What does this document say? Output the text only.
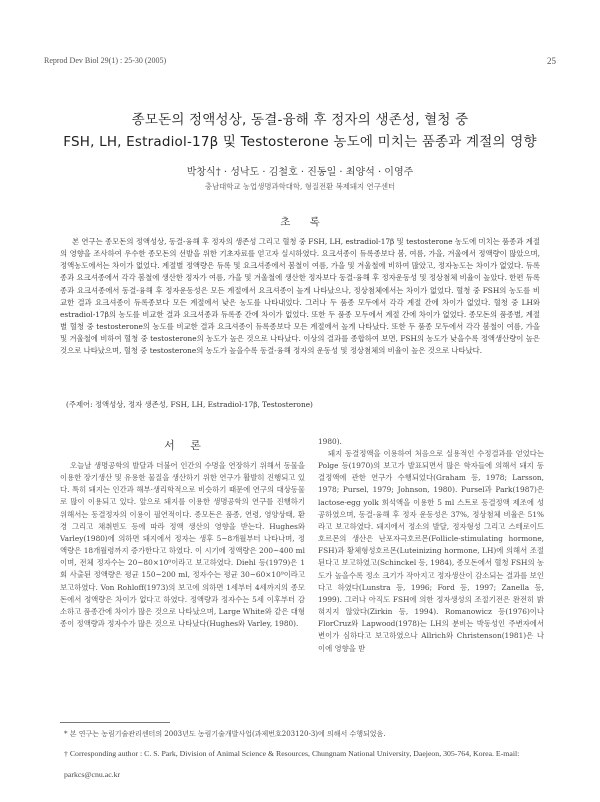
Reprod Dev Biol 29(1) : 25-30 (2005)	25
종모돈의 정액성상, 동결-융해 후 정자의 생존성, 혈청 중
FSH, LH, Estradiol-17β 및 Testosterone 농도에 미치는 품종과 계절의 영향
박창식† · 성낙도 · 김철호 · 진동일 · 최양석 · 이영주
충남대학교 농업생명과학대학, 형질전환 복제돼지 연구센터
초 록

본 연구는 종모돈의 정액성상, 동결-융해 후 정자의 생존성 그리고 혈청 중 FSH, LH, estradiol-17β 및 testosterone 농도에 미치는 품종과 계절의 영향을 조사하여 우수한 종모돈의 선발을 위한 기초자료를 얻고자 실시하였다. 요크셔종이 듀록종보다 봄, 여름, 가을, 겨울에서 정액량이 많았으며, 정액농도에서는 차이가 없었다. 계절별 정액량은 듀록 및 요크셔종에서 봄철이 여름, 가을 및 겨울철에 비하여 많았고, 정자농도는 차이가 없었다. 듀록종과 요크셔종에서 각각 봄철에 생산한 정자가 여름, 가을 및 겨울철에 생산한 정자보다 동결-융해 후 정자운동성 및 정상첨체 비율이 높았다. 한편 듀록종과 요크셔종에서 동결-융해 후 정자운동성은 모든 계절에서 요크셔종이 높게 나타났으나, 정상첨체에서는 차이가 없었다. 혈청 중 FSH의 농도를 비교한 결과 요크셔종이 듀록종보다 모든 계절에서 낮은 농도를 나타내었다. 그러나 두 품종 모두에서 각각 계절 간에 차이가 없었다. 혈청 중 LH와 estradiol-17β의 농도를 비교한 결과 요크셔종과 듀록종 간에 차이가 없었다. 또한 두 품종 모두에서 계절 간에 차이가 없었다. 종모돈의 품종별, 계절별 혈청 중 testosterone의 농도를 비교한 결과 요크셔종이 듀록종보다 모든 계절에서 높게 나타났다. 또한 두 품종 모두에서 각각 봄철이 여름, 가을 및 겨울철에 비하여 혈청 중 testosterone의 농도가 높은 것으로 나타났다. 이상의 결과를 종합하여 보면, FSH의 농도가 낮을수록 정액생산량이 높은 것으로 나타났으며, 혈청 중 testosterone의 농도가 높을수록 동결-융해 정자의 운동성 및 정상첨체의 비율이 높은 것으로 나타났다.

(주제어: 정액성상, 정자 생존성, FSH, LH, Estradiol-17β, Testosterone)
서 론

오늘날 생명공학의 발달과 더불어 인간의 수명을 연장하기 위해서 동물을 이용한 장기생산 및 유용한 물질을 생산하기 위한 연구가 활발히 진행되고 있다. 특히 돼지는 인간과 해부·생리학적으로 비슷하기 때문에 연구의 대상동물로 많이 이용되고 있다. 앞으로 돼지를 이용한 생명공학의 연구를 진행하기 위해서는 동결정자의 이용이 필연적이다. 종모돈은 품종, 연령, 영양상태, 환경 그리고 채취빈도 등에 따라 정액 생산의 영향을 받는다. Hughes와 Varley(1980)에 의하면 돼지에서 정자는 생후 5~8개월부터 나타나며, 정액량은 18개월령까지 증가한다고 하였다. 이 시기에 정액량은 200~400 ml이며, 전체 정자수는 20~80×10⁹이라고 보고하였다. Diehl 등(1979)은 1회 사출된 정액량은 평균 150~200 ml, 정자수는 평균 30~60×10⁹이라고 보고하였다. Von Rohloff(1973)의 보고에 의하면 1세부터 4세까지의 종모돈에서 정액량은 차이가 없다고 하였다. 정액량과 정자수는 5세 이후부터 감소하고 품종간에 차이가 많은 것으로 나타났으며, Large White와 같은 대형종이 정액량과 정자수가 많은 것으로 나타났다(Hughes와 Varley, 1980).

1980).

돼지 동결정액을 이용하여 처음으로 실용적인 수정결과를 얻었다는 Polge 등(1970)의 보고가 발표되면서 많은 학자들에 의해서 돼지 동결정액에 관한 연구가 수행되었다(Graham 등, 1978; Larsson, 1978; Pursel, 1979; Johnson, 1980). Pursel과 Park(1987)은 lactose-egg yolk 희석액을 이용한 5 ml 스트로 동결정액 제조에 성공하였으며, 동결-융해 후 정자 운동성은 37%, 정상첨체 비율은 51%라고 보고하였다. 돼지에서 정소의 발달, 정자형성 그리고 스테로이드 호르몬의 생산은 난포자극호르몬(Follicle-stimulating hormone, FSH)과 황체형성호르몬(Luteinizing hormone, LH)에 의해서 조절된다고 보고하였고(Schinckel 등, 1984), 종모돈에서 혈청 FSH의 농도가 높을수록 정소 크기가 작아지고 정자생산이 감소되는 결과를 보인다고 하였다(Lunstra 등, 1996; Ford 등, 1997; Zanella 등, 1999). 그러나 아직도 FSH에 의한 정자생성의 조절기전은 완전히 밝혀지지 않았다(Zirkin 등, 1994). Romanowicz 등(1976)이나 FlorCruz와 Lapwood(1978)는 LH의 분비는 박동성인 주변자에서 변이가 심하다고 보고하였으나 Allrich와 Christenson(1981)은 나이에 영향을 받

* 본 연구는 농림기술관리센터의 2003년도 농림기술개발사업(과제번호203120-3)에 의해서 수행되었음.
† Corresponding author : C. S. Park, Division of Animal Science & Resources, Chungnam National University, Daejeon, 305-764, Korea. E-mail:
parkcs@cnu.ac.kr
